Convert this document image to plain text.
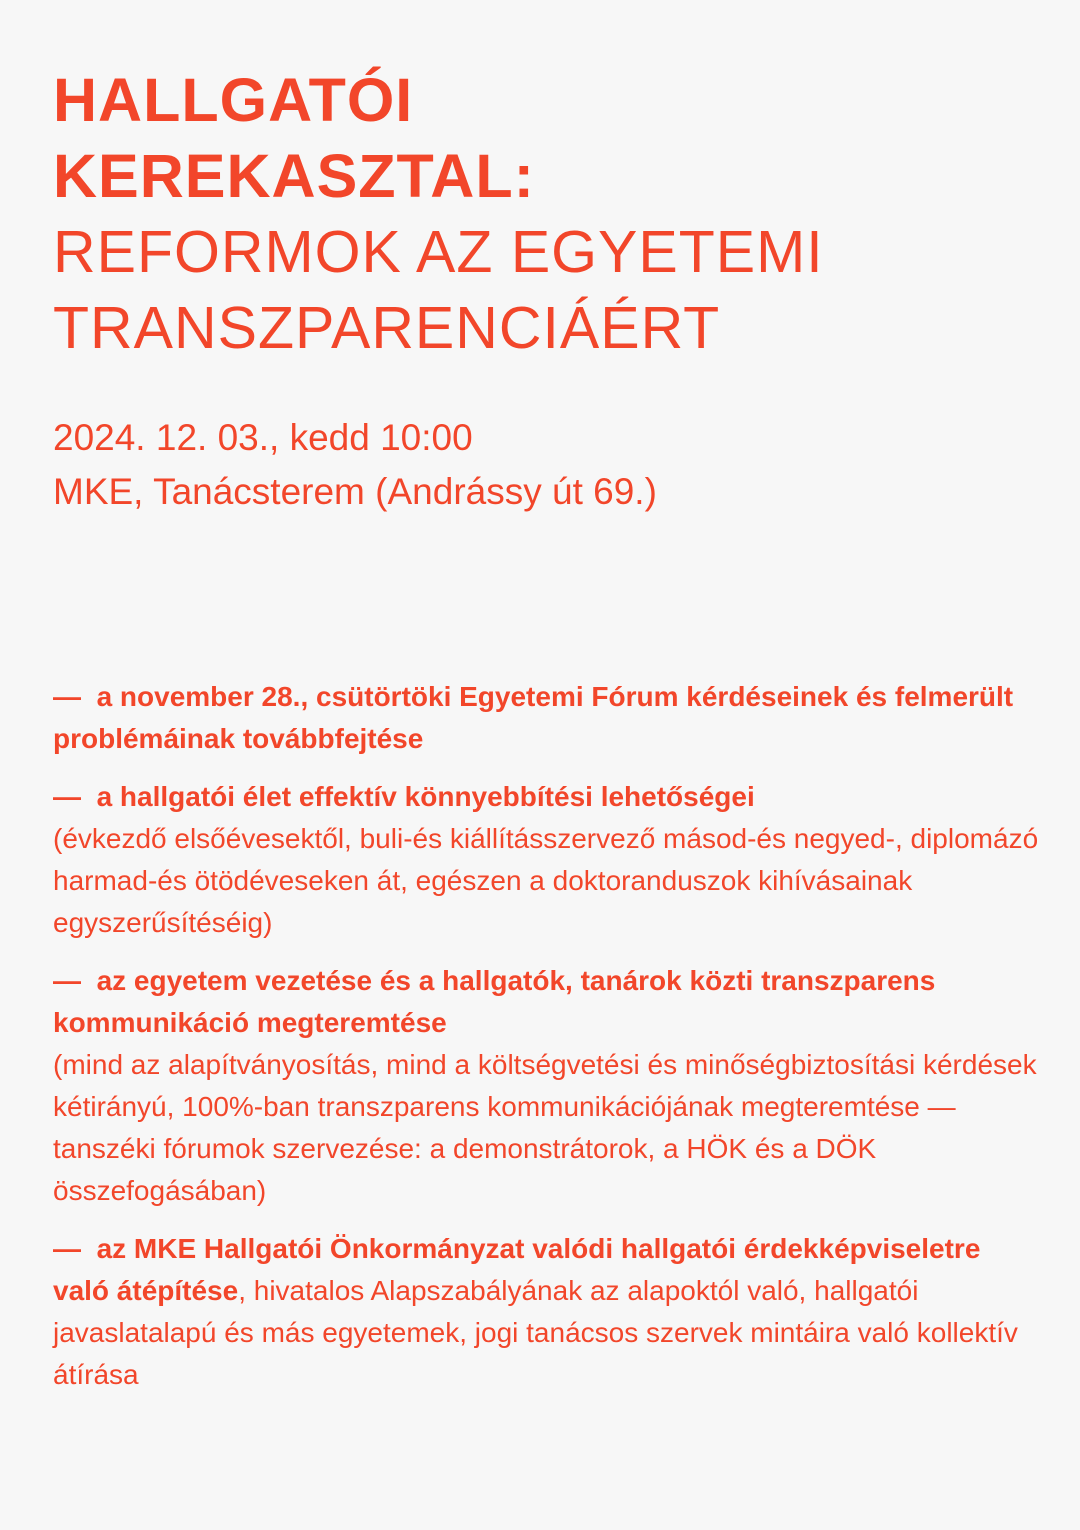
HALLGATÓI

KEREKASZTAL:

REFORMOK AZ EGYETEMI

TRANSZPARENCIÁÉRT

2024. 12. 03., kedd 10:00

MKE, Tanácsterem (Andrássy út 69.)

— a november 28., csütörtöki Egyetemi Fórum kérdéseinek és felmerült problémáinak továbbfejtése

— a hallgatói élet effektív könnyebbítési lehetőségei
(évkezdő elsőévesektől, buli-és kiállításszervező másod-és negyed-, diplomázó harmad-és ötödéveseken át, egészen a doktoranduszok kihívásainak egyszerűsítéséig)

— az egyetem vezetése és a hallgatók, tanárok közti transzparens kommunikáció megteremtése
(mind az alapítványosítás, mind a költségvetési és minőségbiztosítási kérdések kétirányú, 100%-ban transzparens kommunikációjának megteremtése — tanszéki fórumok szervezése: a demonstrátorok, a HÖK és a DÖK összefogásában)

— az MKE Hallgatói Önkormányzat valódi hallgatói érdekképviseletre való átépítése, hivatalos Alapszabályának az alapoktól való, hallgatói javaslatalapú és más egyetemek, jogi tanácsos szervek mintáira való kollektív átírása
